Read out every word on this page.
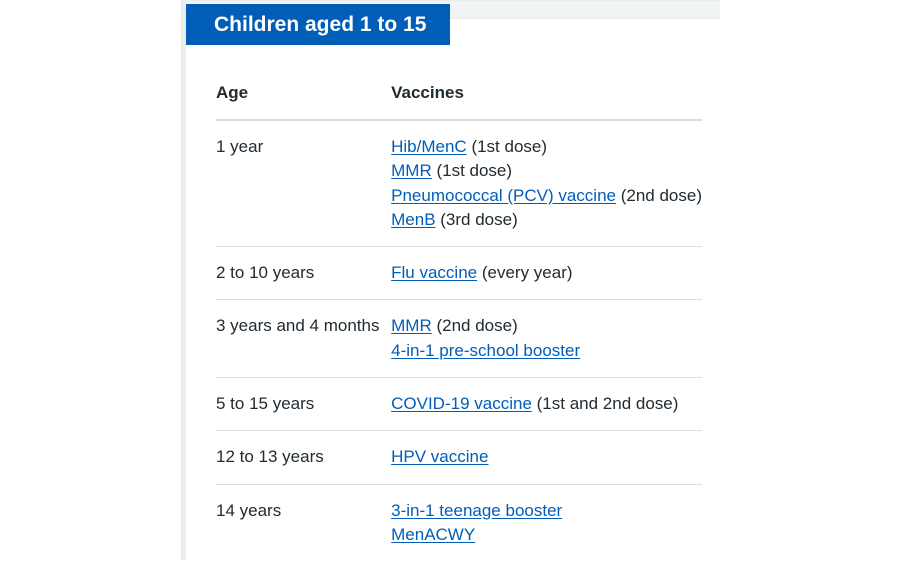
Children aged 1 to 15
Age	Vaccines
1 year	Hib/MenC (1st dose)
MMR (1st dose)
Pneumococcal (PCV) vaccine (2nd dose)
MenB (3rd dose)

2 to 10 years	Flu vaccine (every year)

3 years and 4 months	MMR (2nd dose)
4-in-1 pre-school booster

5 to 15 years	COVID-19 vaccine (1st and 2nd dose)

12 to 13 years	HPV vaccine

14 years	3-in-1 teenage booster
MenACWY
